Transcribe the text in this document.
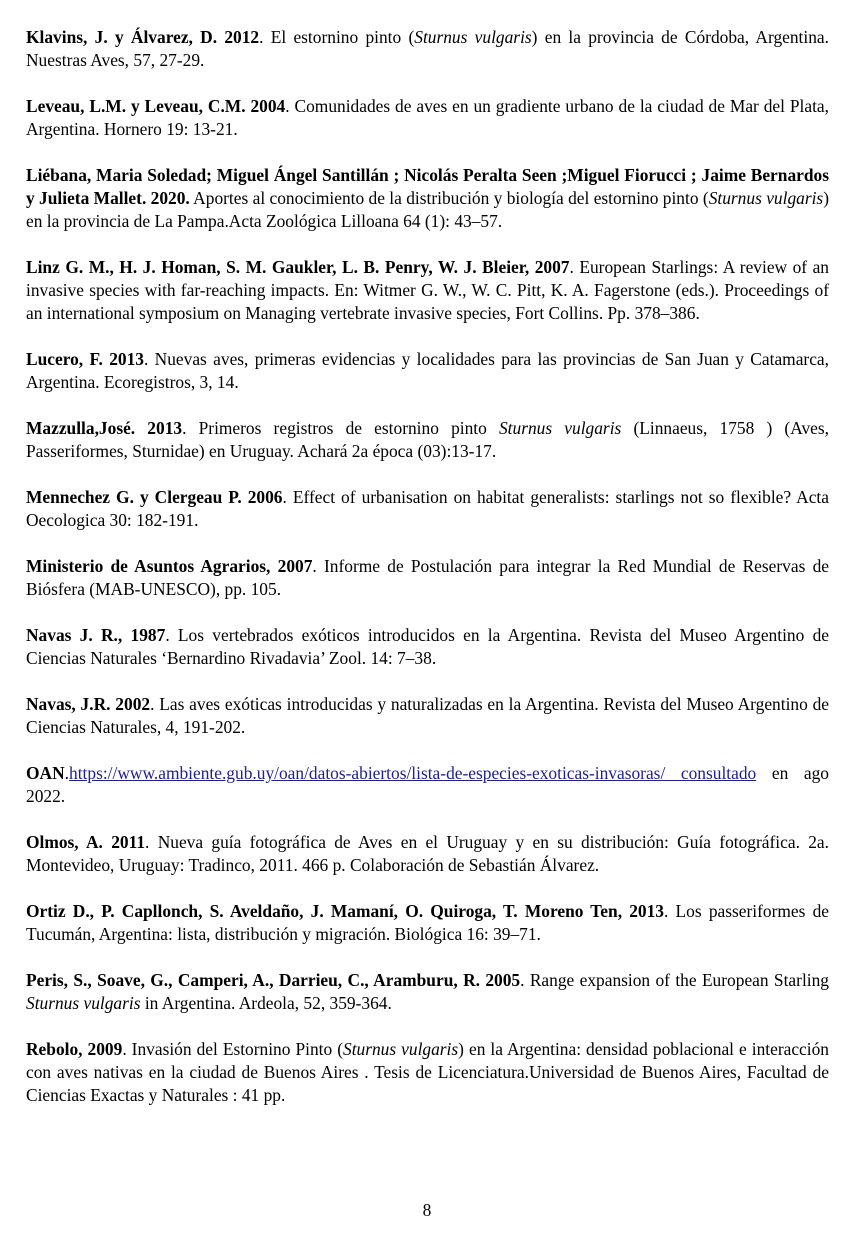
Klavins, J. y Álvarez, D. 2012. El estornino pinto (Sturnus vulgaris) en la provincia de Córdoba, Argentina. Nuestras Aves, 57, 27-29.

Leveau, L.M. y Leveau, C.M. 2004. Comunidades de aves en un gradiente urbano de la ciudad de Mar del Plata, Argentina. Hornero 19: 13-21.

Liébana, Maria Soledad; Miguel Ángel Santillán ; Nicolás Peralta Seen ;Miguel Fiorucci ; Jaime Bernardos y Julieta Mallet. 2020. Aportes al conocimiento de la distribución y biología del estornino pinto (Sturnus vulgaris) en la provincia de La Pampa.Acta Zoológica Lilloana 64 (1): 43–57.

Linz G. M., H. J. Homan, S. M. Gaukler, L. B. Penry, W. J. Bleier, 2007. European Starlings: A review of an invasive species with far-reaching impacts. En: Witmer G. W., W. C. Pitt, K. A. Fagerstone (eds.). Proceedings of an international symposium on Managing vertebrate invasive species, Fort Collins. Pp. 378–386.

Lucero, F. 2013. Nuevas aves, primeras evidencias y localidades para las provincias de San Juan y Catamarca, Argentina. Ecoregistros, 3, 14.

Mazzulla,José. 2013. Primeros registros de estornino pinto Sturnus vulgaris (Linnaeus, 1758 ) (Aves, Passeriformes, Sturnidae) en Uruguay. Achará 2a época (03):13-17.

Mennechez G. y Clergeau P. 2006. Effect of urbanisation on habitat generalists: starlings not so flexible? Acta Oecologica 30: 182-191.

Ministerio de Asuntos Agrarios, 2007. Informe de Postulación para integrar la Red Mundial de Reservas de Biósfera (MAB-UNESCO), pp. 105.

Navas J. R., 1987. Los vertebrados exóticos introducidos en la Argentina. Revista del Museo Argentino de Ciencias Naturales ‘Bernardino Rivadavia’ Zool. 14: 7–38.

Navas, J.R. 2002. Las aves exóticas introducidas y naturalizadas en la Argentina. Revista del Museo Argentino de Ciencias Naturales, 4, 191-202.

OAN.https://www.ambiente.gub.uy/oan/datos-abiertos/lista-de-especies-exoticas-invasoras/ consultado en ago 2022.

Olmos, A. 2011. Nueva guía fotográfica de Aves en el Uruguay y en su distribución: Guía fotográfica. 2a. Montevideo, Uruguay: Tradinco, 2011. 466 p. Colaboración de Sebastián Álvarez.

Ortiz D., P. Capllonch, S. Aveldaño, J. Mamaní, O. Quiroga, T. Moreno Ten, 2013. Los passeriformes de Tucumán, Argentina: lista, distribución y migración. Biológica 16: 39–71.

Peris, S., Soave, G., Camperi, A., Darrieu, C., Aramburu, R. 2005. Range expansion of the European Starling Sturnus vulgaris in Argentina. Ardeola, 52, 359-364.

Rebolo, 2009. Invasión del Estornino Pinto (Sturnus vulgaris) en la Argentina: densidad poblacional e interacción con aves nativas en la ciudad de Buenos Aires . Tesis de Licenciatura.Universidad de Buenos Aires, Facultad de Ciencias Exactas y Naturales : 41 pp.

8
